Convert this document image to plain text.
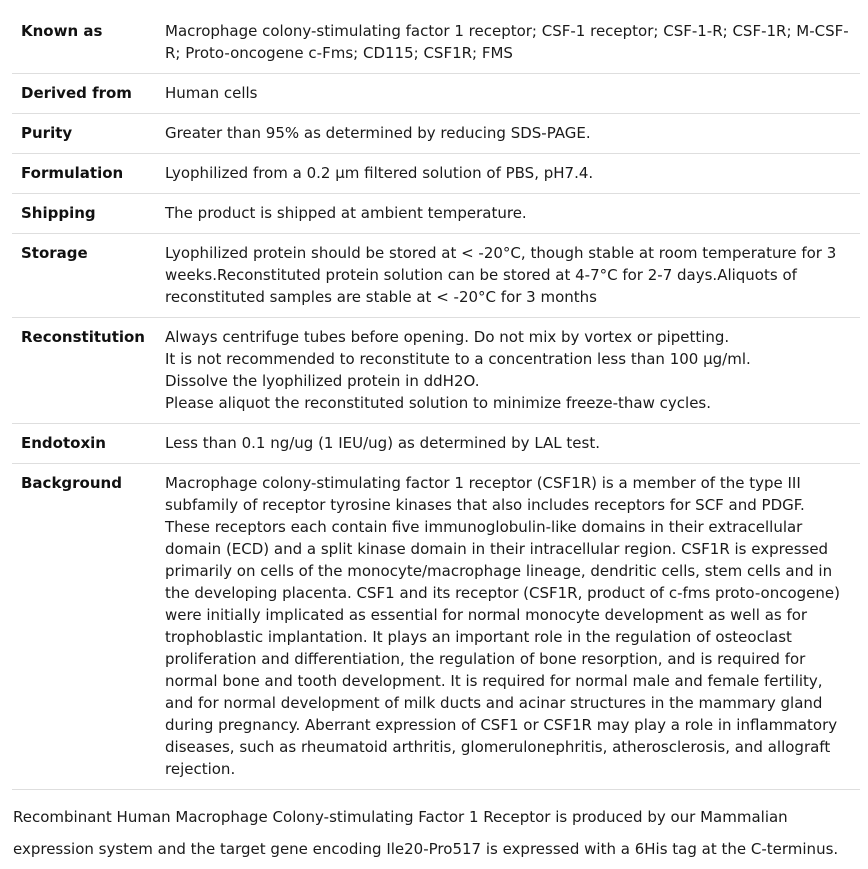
Known as	Macrophage colony-stimulating factor 1 receptor; CSF-1 receptor; CSF-1-R; CSF-1R; M-CSF-R; Proto-oncogene c-Fms; CD115; CSF1R; FMS
Derived from	Human cells
Purity	Greater than 95% as determined by reducing SDS-PAGE.
Formulation	Lyophilized from a 0.2 μm filtered solution of PBS, pH7.4.
Shipping	The product is shipped at ambient temperature.
Storage	Lyophilized protein should be stored at < -20°C, though stable at room temperature for 3 weeks.Reconstituted protein solution can be stored at 4-7°C for 2-7 days.Aliquots of reconstituted samples are stable at < -20°C for 3 months
Reconstitution	Always centrifuge tubes before opening. Do not mix by vortex or pipetting.
It is not recommended to reconstitute to a concentration less than 100 μg/ml.
Dissolve the lyophilized protein in ddH2O.
Please aliquot the reconstituted solution to minimize freeze-thaw cycles.

Endotoxin	Less than 0.1 ng/ug (1 IEU/ug) as determined by LAL test.
Background	Macrophage colony-stimulating factor 1 receptor (CSF1R) is a member of the type III subfamily of receptor tyrosine kinases that also includes receptors for SCF and PDGF. These receptors each contain five immunoglobulin-like domains in their extracellular domain (ECD) and a split kinase domain in their intracellular region. CSF1R is expressed primarily on cells of the monocyte/macrophage lineage, dendritic cells, stem cells and in the developing placenta. CSF1 and its receptor (CSF1R, product of c-fms proto-oncogene) were initially implicated as essential for normal monocyte development as well as for trophoblastic implantation. It plays an important role in the regulation of osteoclast proliferation and differentiation, the regulation of bone resorption, and is required for normal bone and tooth development. It is required for normal male and female fertility, and for normal development of milk ducts and acinar structures in the mammary gland during pregnancy. Aberrant expression of CSF1 or CSF1R may play a role in inflammatory diseases, such as rheumatoid arthritis, glomerulonephritis, atherosclerosis, and allograft rejection.
Recombinant Human Macrophage Colony-stimulating Factor 1 Receptor is produced by our Mammalian expression system and the target gene encoding Ile20-Pro517 is expressed with a 6His tag at the C-terminus.
